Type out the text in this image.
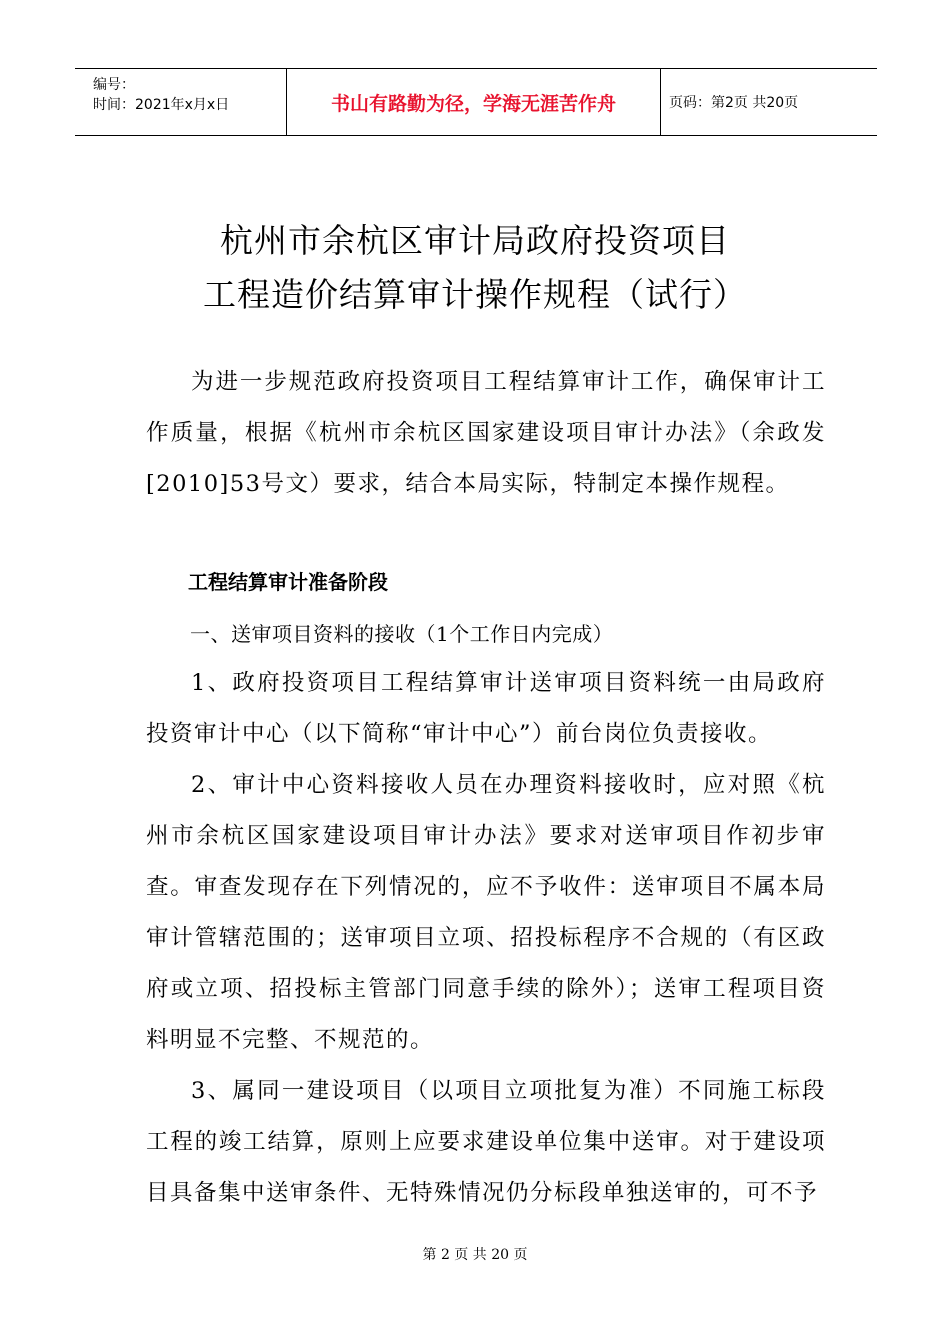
编号：
时间：2021年x月x日	书山有路勤为径，学海无涯苦作舟	页码：第2页 共20页
杭州市余杭区审计局政府投资项目
工程造价结算审计操作规程（试行）

为进一步规范政府投资项目工程结算审计工作，确保审计工作质量，根据《杭州市余杭区国家建设项目审计办法》（余政发[2010]53号文）要求，结合本局实际，特制定本操作规程。

工程结算审计准备阶段
一、送审项目资料的接收（1个工作日内完成）

1、政府投资项目工程结算审计送审项目资料统一由局政府投资审计中心（以下简称“审计中心”）前台岗位负责接收。

2、审计中心资料接收人员在办理资料接收时，应对照《杭州市余杭区国家建设项目审计办法》要求对送审项目作初步审查。审查发现存在下列情况的，应不予收件：送审项目不属本局审计管辖范围的；送审项目立项、招投标程序不合规的（有区政府或立项、招投标主管部门同意手续的除外）；送审工程项目资料明显不完整、不规范的。

3、属同一建设项目（以项目立项批复为准）不同施工标段工程的竣工结算，原则上应要求建设单位集中送审。对于建设项目具备集中送审条件、无特殊情况仍分标段单独送审的，可不予

第 2 页 共 20 页
